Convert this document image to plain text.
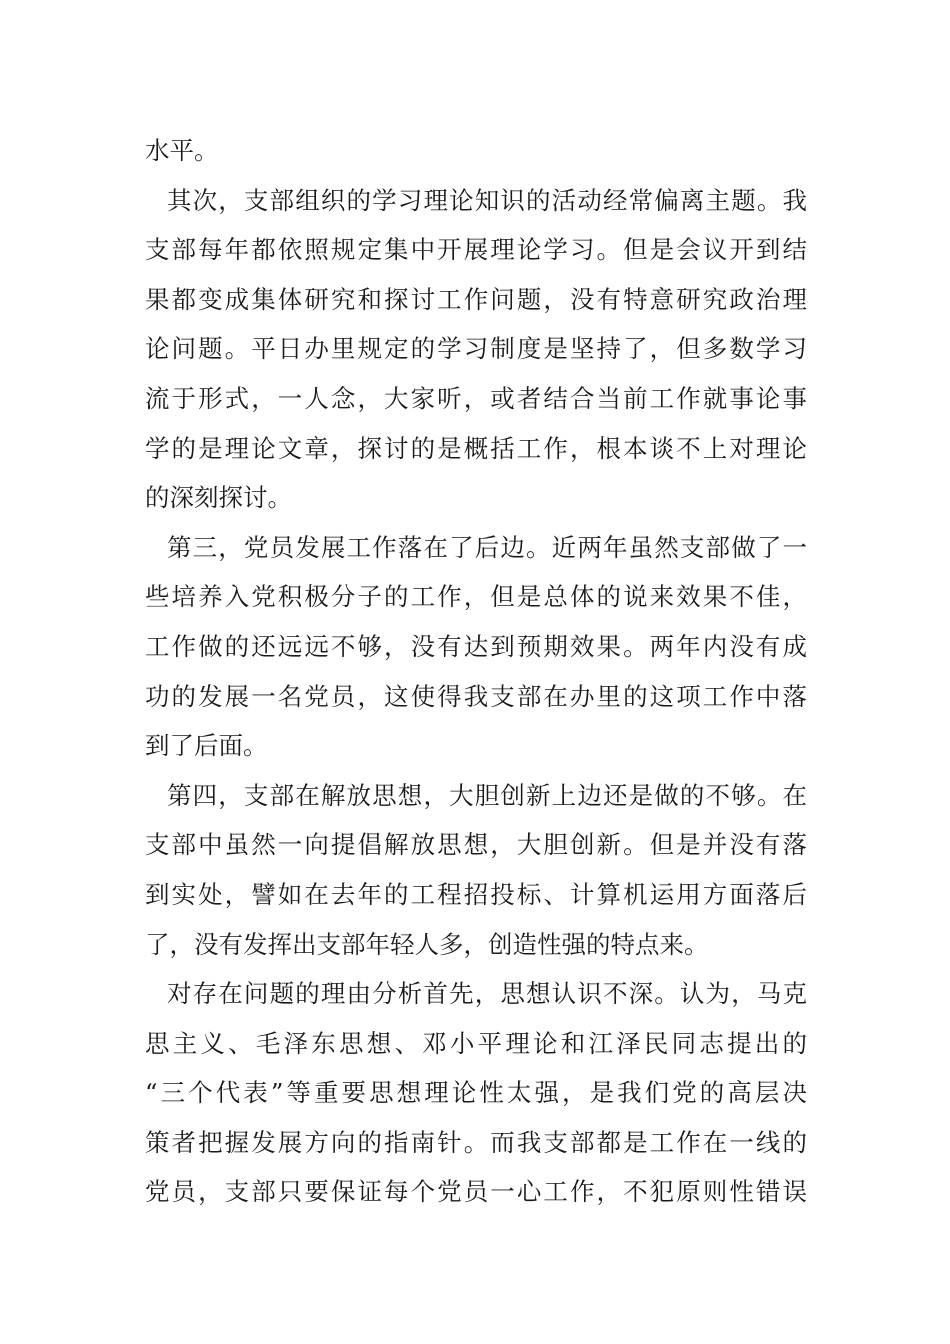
水平。
其次，支部组织的学习理论知识的活动经常偏离主题。我
支部每年都依照规定集中开展理论学习。但是会议开到结
果都变成集体研究和探讨工作问题，没有特意研究政治理
论问题。平日办里规定的学习制度是坚持了，但多数学习
流于形式，一人念，大家听，或者结合当前工作就事论事
学的是理论文章，探讨的是概括工作，根本谈不上对理论
的深刻探讨。
第三，党员发展工作落在了后边。近两年虽然支部做了一
些培养入党积极分子的工作，但是总体的说来效果不佳，
工作做的还远远不够，没有达到预期效果。两年内没有成
功的发展一名党员，这使得我支部在办里的这项工作中落
到了后面。
第四，支部在解放思想，大胆创新上边还是做的不够。在
支部中虽然一向提倡解放思想，大胆创新。但是并没有落
到实处，譬如在去年的工程招投标、计算机运用方面落后
了，没有发挥出支部年轻人多，创造性强的特点来。
对存在问题的理由分析首先，思想认识不深。认为，马克
思主义、毛泽东思想、邓小平理论和江泽民同志提出的
“三个代表”等重要思想理论性太强，是我们党的高层决
策者把握发展方向的指南针。而我支部都是工作在一线的
党员，支部只要保证每个党员一心工作，不犯原则性错误
